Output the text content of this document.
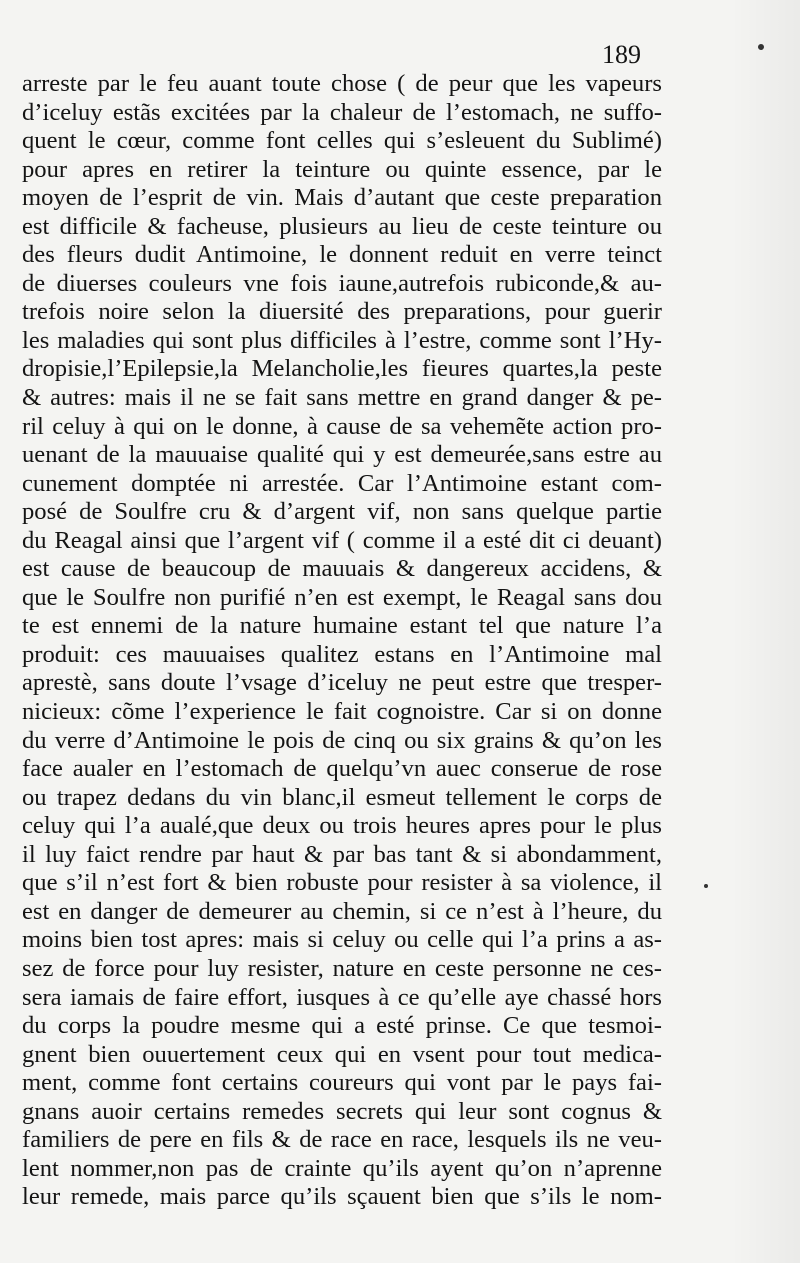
189
arreste par le feu auant toute chose ( de peur que les vapeurs
d’iceluy estãs excitées par la chaleur de l’estomach, ne suffo-
quent le cœur, comme font celles qui s’esleuent du Sublimé)
pour apres en retirer la teinture ou quinte essence, par le
moyen de l’esprit de vin. Mais d’autant que ceste preparation
est difficile & facheuse, plusieurs au lieu de ceste teinture ou
des fleurs dudit Antimoine, le donnent reduit en verre teinct
de diuerses couleurs vne fois iaune,autrefois rubiconde,& au-
trefois noire selon la diuersité des preparations, pour guerir
les maladies qui sont plus difficiles à l’estre, comme sont l’Hy-
dropisie,l’Epilepsie,la Melancholie,les fieures quartes,la peste
& autres: mais il ne se fait sans mettre en grand danger & pe-
ril celuy à qui on le donne, à cause de sa vehemẽte action pro-
uenant de la mauuaise qualité qui y est demeurée,sans estre au
cunement domptée ni arrestée. Car l’Antimoine estant com-
posé de Soulfre cru & d’argent vif, non sans quelque partie
du Reagal ainsi que l’argent vif ( comme il a esté dit ci deuant)
est cause de beaucoup de mauuais & dangereux accidens, &
que le Soulfre non purifié n’en est exempt, le Reagal sans dou
te est ennemi de la nature humaine estant tel que nature l’a
produit: ces mauuaises qualitez estans en l’Antimoine mal
aprestè, sans doute l’vsage d’iceluy ne peut estre que tresper-
nicieux: cõme l’experience le fait cognoistre. Car si on donne
du verre d’Antimoine le pois de cinq ou six grains & qu’on les
face aualer en l’estomach de quelqu’vn auec conserue de rose
ou trapez dedans du vin blanc,il esmeut tellement le corps de
celuy qui l’a aualé,que deux ou trois heures apres pour le plus
il luy faict rendre par haut & par bas tant & si abondamment,
que s’il n’est fort & bien robuste pour resister à sa violence, il
est en danger de demeurer au chemin, si ce n’est à l’heure, du
moins bien tost apres: mais si celuy ou celle qui l’a prins a as-
sez de force pour luy resister, nature en ceste personne ne ces-
sera iamais de faire effort, iusques à ce qu’elle aye chassé hors
du corps la poudre mesme qui a esté prinse. Ce que tesmoi-
gnent bien ouuertement ceux qui en vsent pour tout medica-
ment, comme font certains coureurs qui vont par le pays fai-
gnans auoir certains remedes secrets qui leur sont cognus &
familiers de pere en fils & de race en race, lesquels ils ne veu-
lent nommer,non pas de crainte qu’ils ayent qu’on n’aprenne
leur remede, mais parce qu’ils sçauent bien que s’ils le nom-
